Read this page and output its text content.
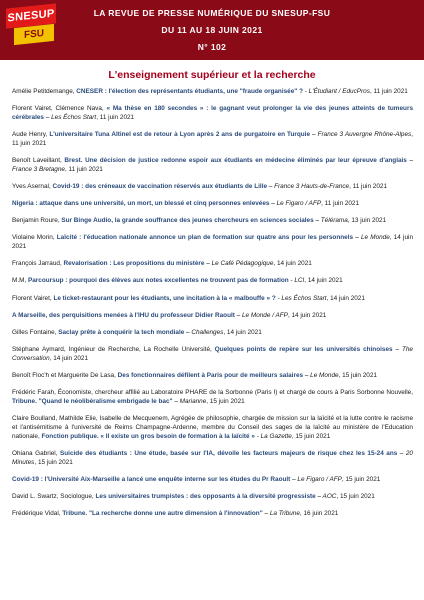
SNESUP
FSU
LA REVUE DE PRESSE NUMÉRIQUE DU SNESUP-FSU
DU 11 AU 18 JUIN 2021
N° 102
L'enseignement supérieur et la recherche
Amélie Petitdemange, CNESER : l'élection des représentants étudiants, une "fraude organisée" ? - L'Étudiant / EducPros, 11 juin 2021
Florent Vairet, Clémence Nava, « Ma thèse en 180 secondes » : le gagnant veut prolonger la vie des jeunes atteints de tumeurs cérébrales – Les Échos Start, 11 juin 2021
Aude Henry, L'universitaire Tuna Altinel est de retour à Lyon après 2 ans de purgatoire en Turquie – France 3 Auvergne Rhône-Alpes, 11 juin 2021
Benoît Laveillant, Brest. Une décision de justice redonne espoir aux étudiants en médecine éliminés par leur épreuve d'anglais – France 3 Bretagne, 11 juin 2021
Yves Asernal, Covid-19 : des créneaux de vaccination réservés aux étudiants de Lille – France 3 Hauts-de-France, 11 juin 2021
Nigeria : attaque dans une université, un mort, un blessé et cinq personnes enlevées – Le Figaro / AFP, 11 juin 2021
Benjamin Roure, Sur Binge Audio, la grande souffrance des jeunes chercheurs en sciences sociales – Télérama, 13 juin 2021
Violaine Morin, Laïcité : l'éducation nationale annonce un plan de formation sur quatre ans pour les personnels – Le Monde, 14 juin 2021
François Jarraud, Revalorisation : Les propositions du ministère – Le Café Pédagogique, 14 juin 2021
M.M, Parcoursup : pourquoi des élèves aux notes excellentes ne trouvent pas de formation - LCI, 14 juin 2021
Florent Vairet, Le ticket-restaurant pour les étudiants, une incitation à la « malbouffe » ? - Les Échos Start, 14 juin 2021
A Marseille, des perquisitions menées à l'IHU du professeur Didier Raoult – Le Monde / AFP, 14 juin 2021
Gilles Fontaine, Saclay prête à conquérir la tech mondiale – Challenges, 14 juin 2021
Stéphane Aymard, Ingénieur de Recherche, La Rochelle Université, Quelques points de repère sur les universités chinoises – The Conversation, 14 juin 2021
Benoît Floc'h et Marguerite De Lasa, Des fonctionnaires défilent à Paris pour de meilleurs salaires – Le Monde, 15 juin 2021
Frédéric Farah, Économiste, chercheur affilié au Laboratoire PHARE de la Sorbonne (Paris I) et chargé de cours à Paris Sorbonne Nouvelle, Tribune. "Quand le néolibéralisme embrigade le bac" – Marianne, 15 juin 2021
Claire Boulland, Mathilde Elie, Isabelle de Mecquenem, Agrégée de philosophie, chargée de mission sur la laïcité et la lutte contre le racisme et l'antisémitisme à l'université de Reims Champagne-Ardenne, membre du Conseil des sages de la laïcité au ministère de l'Education nationale, Fonction publique. « Il existe un gros besoin de formation à la laïcité » - La Gazette, 15 juin 2021
Ohiana Gabriel, Suicide des étudiants : Une étude, basée sur l'IA, dévoile les facteurs majeurs de risque chez les 15-24 ans – 20 Minutes, 15 juin 2021
Covid-19 : l'Université Aix-Marseille a lancé une enquête interne sur les études du Pr Raoult – Le Figaro / AFP, 15 juin 2021
David L. Swartz, Sociologue, Les universitaires trumpistes : des opposants à la diversité progressiste – AOC, 15 juin 2021
Frédérique Vidal, Tribune. "La recherche donne une autre dimension à l'innovation" – La Tribune, 16 juin 2021
